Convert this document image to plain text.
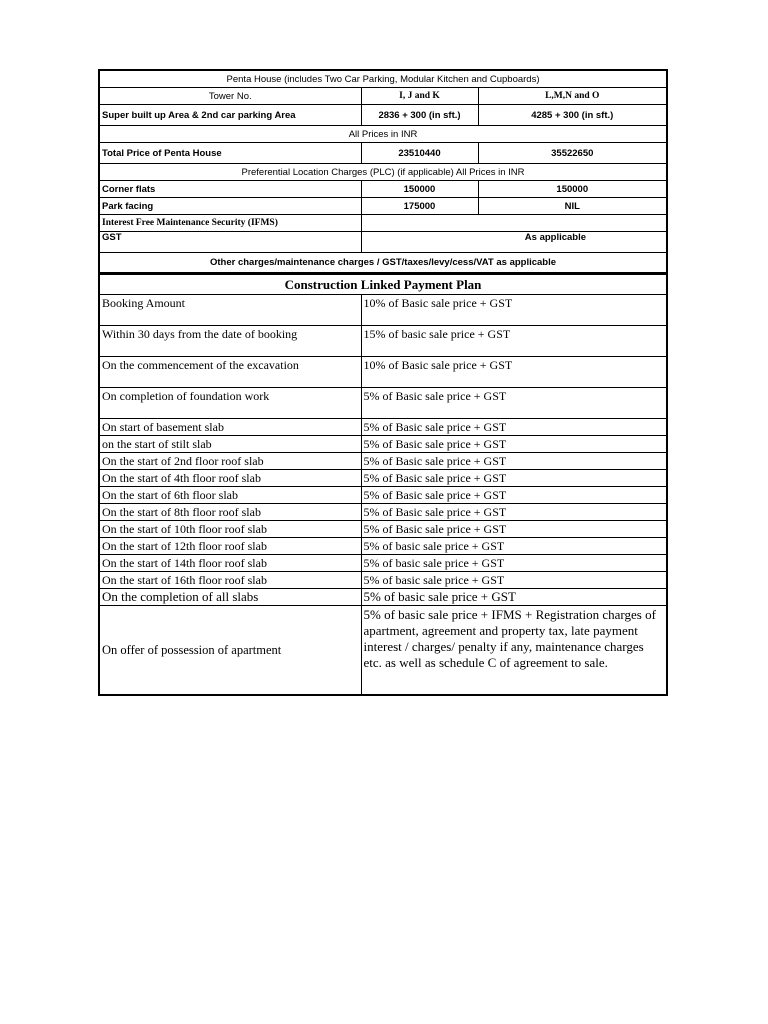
Penta House (includes Two Car Parking, Modular Kitchen and Cupboards)		
Tower No.	I, J and K	L,M,N and O
Super built up Area & 2nd car parking Area	2836 + 300 (in sft.)	4285 + 300 (in sft.)
All Prices in INR		
Total Price of Penta House	23510440	35522650
Preferential Location Charges (PLC) (if applicable) All Prices in INR		
Corner flats	150000	150000
Park facing	175000	NIL
Interest Free Maintenance Security (IFMS)		
GST	As applicable	
Other charges/maintenance charges / GST/taxes/levy/cess/VAT as applicable		
Construction Linked Payment Plan	
Booking Amount	10% of Basic sale price + GST
Within 30 days from the date of booking	15% of basic sale price + GST
On the commencement of the excavation	10% of Basic sale price + GST
On completion of foundation work	5% of Basic sale price + GST
On start of basement slab	5% of Basic sale price + GST
on the start of stilt slab	5% of Basic sale price + GST
On the start of 2nd floor roof slab	5% of Basic sale price + GST
On the start of 4th floor roof slab	5% of Basic sale price + GST
On the start of 6th floor slab	5% of Basic sale price + GST
On the start of 8th floor roof slab	5% of Basic sale price + GST
On the start of 10th floor roof slab	5% of Basic sale price + GST
On the start of 12th floor roof slab	5% of basic sale price + GST
On the start of 14th floor roof slab	5% of basic sale price + GST
On the start of 16th floor roof slab	5% of basic sale price + GST
On the completion of all slabs	5% of basic sale price + GST
On offer of possession of apartment	5% of basic sale price + IFMS + Registration charges of apartment, agreement and property tax, late payment interest / charges/ penalty if any, maintenance charges etc. as well as schedule C of agreement to sale.
